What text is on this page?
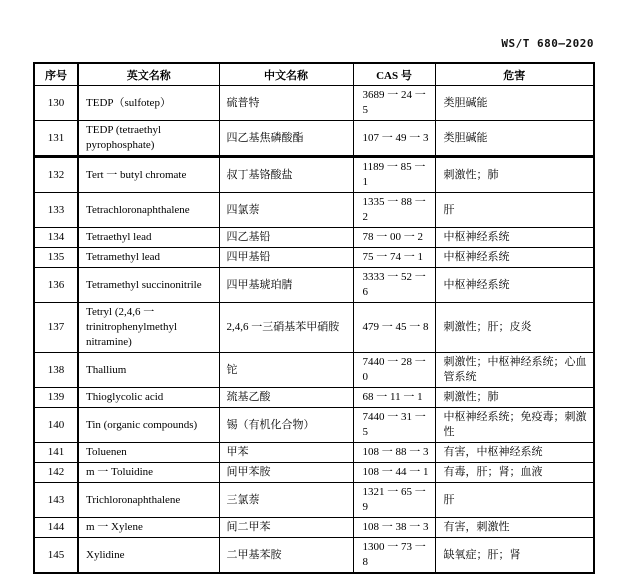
WS/T 680—2020
序号	英文名称	中文名称	CAS 号	危害
130	TEDP（sulfotep）	硫普特	3689 一 24 一 5	类胆碱能
131	TEDP (tetraethyl pyrophosphate)	四乙基焦磷酸酯	107 一 49 一 3	类胆碱能
132	Tert 一 butyl chromate	叔丁基铬酸盐	1189 一 85 一 1	刺激性；肺
133	Tetrachloronaphthalene	四氯萘	1335 一 88 一 2	肝
134	Tetraethyl lead	四乙基铅	78 一 00 一 2	中枢神经系统
135	Tetramethyl lead	四甲基铅	75 一 74 一 1	中枢神经系统
136	Tetramethyl succinonitrile	四甲基琥珀腈	3333 一 52 一 6	中枢神经系统
137	Tetryl (2,4,6 一 trinitrophenylmethyl nitramine)	2,4,6 一三硝基苯甲硝胺	479 一 45 一 8	刺激性；肝；皮炎
138	Thallium	铊	7440 一 28 一 0	刺激性；中枢神经系统；心血管系统
139	Thioglycolic acid	巯基乙酸	68 一 11 一 1	刺激性；肺
140	Tin (organic compounds)	锡（有机化合物）	7440 一 31 一 5	中枢神经系统；免疫毒；刺激性
141	Toluenen	甲苯	108 一 88 一 3	有害，中枢神经系统
142	m 一 Toluidine	间甲苯胺	108 一 44 一 1	有毒，肝；肾；血液
143	Trichloronaphthalene	三氯萘	1321 一 65 一 9	肝
144	m 一 Xylene	间二甲苯	108 一 38 一 3	有害，刺激性
145	Xylidine	二甲基苯胺	1300 一 73 一 8	缺氧症；肝；肾
